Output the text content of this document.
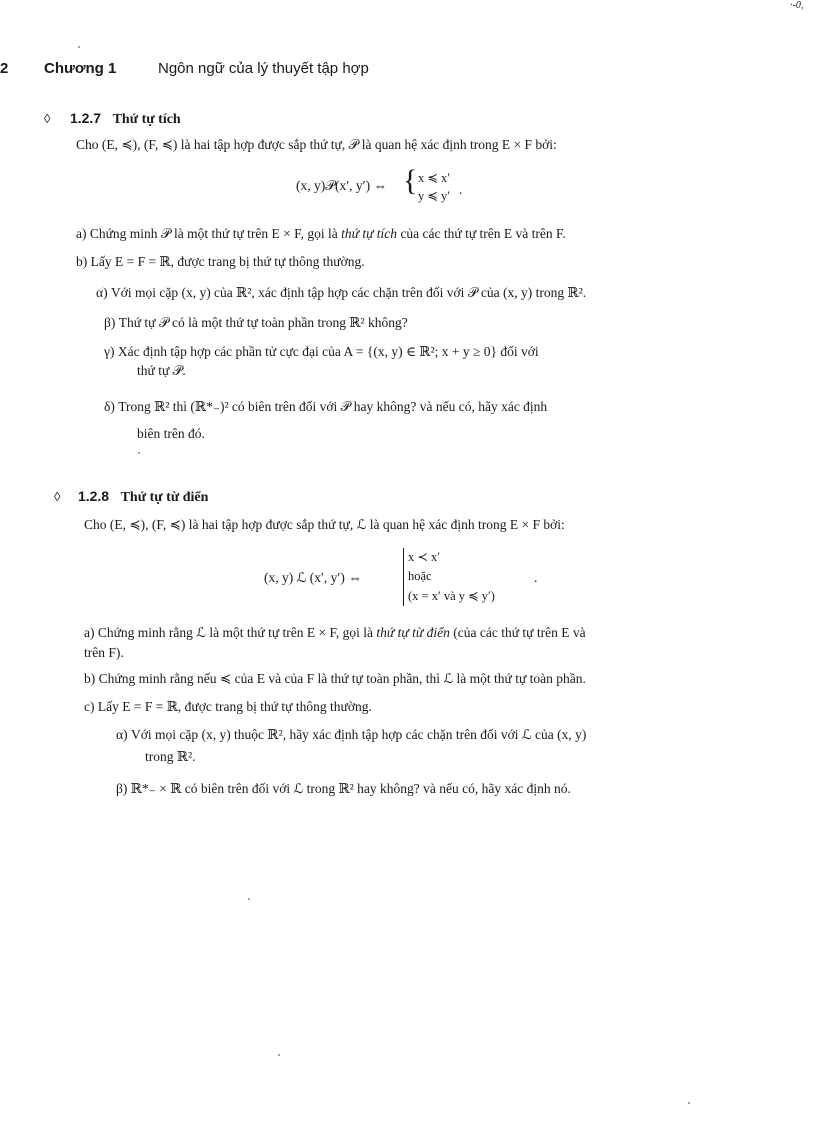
2 Chương 1	Ngôn ngữ của lý thuyết tập hợp
·-0,
◊ 1.2.7 Thứ tự tích
Cho (E, ≼), (F, ≼) là hai tập hợp được sắp thứ tự, 𝒫 là quan hệ xác định trong E × F bởi:
(x, y)𝒫(x′, y′) ⇔ { x ≼ x′
y ≼ y′ .
a) Chứng minh 𝒫 là một thứ tự trên E × F, gọi là thứ tự tích của các thứ tự trên E và trên F.
b) Lấy E = F = ℝ, được trang bị thứ tự thông thường.
α) Với mọi cặp (x, y) của ℝ², xác định tập hợp các chặn trên đối với 𝒫 của (x, y) trong ℝ².
β) Thứ tự 𝒫 có là một thứ tự toàn phần trong ℝ² không?
γ) Xác định tập hợp các phần tử cực đại của A = {(x, y) ∈ ℝ²; x + y ≥ 0} đối với
thứ tự 𝒫.
δ) Trong ℝ² thì (ℝ*₋)² có biên trên đối với 𝒫 hay không? và nếu có, hãy xác định
biên trên đó.
◊ 1.2.8 Thứ tự từ điển
Cho (E, ≼), (F, ≼) là hai tập hợp được sắp thứ tự, ℒ là quan hệ xác định trong E × F bởi:
(x, y) ℒ (x′, y′) ⇔
x ≺ x′
hoặc
(x = x′ và y ≼ y′)
.
a) Chứng minh rằng ℒ là một thứ tự trên E × F, gọi là thứ tự từ điển (của các thứ tự trên E và
trên F).
b) Chứng minh rằng nếu ≼ của E và của F là thứ tự toàn phần, thì ℒ là một thứ tự toàn phần.
c) Lấy E = F = ℝ, được trang bị thứ tự thông thường.
α) Với mọi cặp (x, y) thuộc ℝ², hãy xác định tập hợp các chặn trên đối với ℒ của (x, y)
trong ℝ².
β) ℝ*₋ × ℝ có biên trên đối với ℒ trong ℝ² hay không? và nếu có, hãy xác định nó.
